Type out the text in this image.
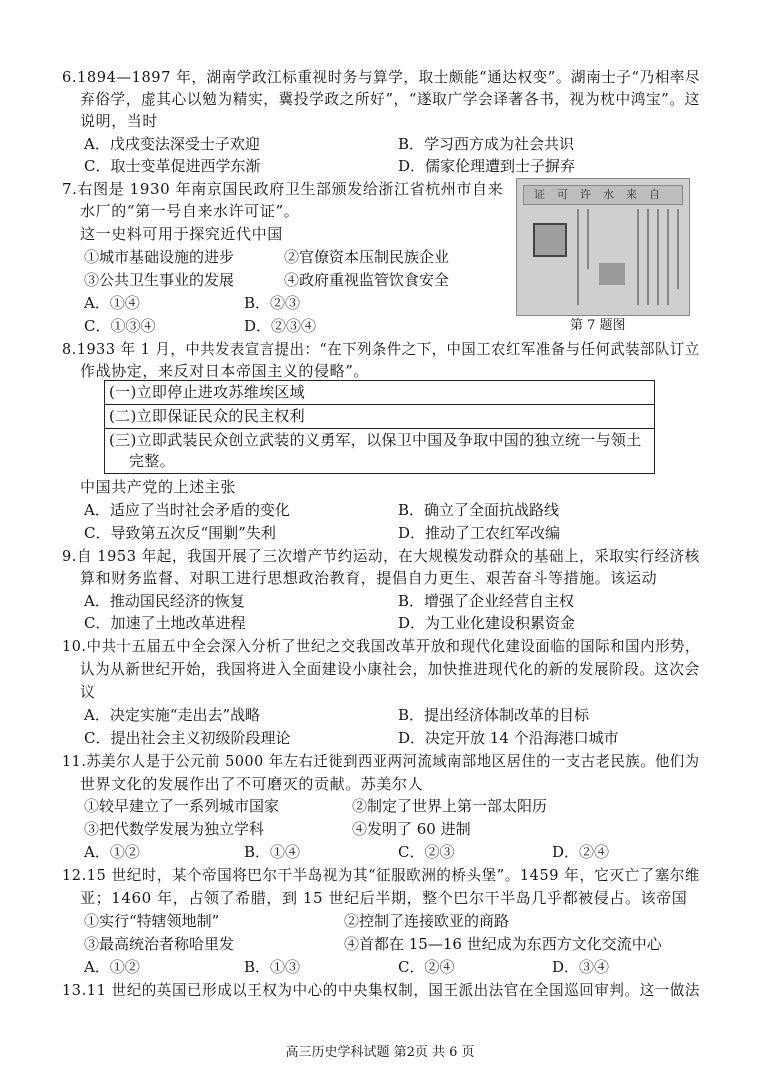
6.1894—1897 年，湖南学政江标重视时务与算学，取士颇能“通达权变”。湖南士子“乃相率尽
弃俗学，虚其心以勉为精实，冀投学政之所好”，“遂取广学会译著各书，视为枕中鸿宝”。这
说明，当时
A．戊戌变法深受士子欢迎	B．学习西方成为社会共识
C．取士变革促进西学东渐	D．儒家伦理遭到士子摒弃
7.右图是 1930 年南京国民政府卫生部颁发给浙江省杭州市自来
水厂的“第一号自来水许可证”。
这一史料可用于探究近代中国
①城市基础设施的进步	②官僚资本压制民族企业
③公共卫生事业的发展	④政府重视监管饮食安全
A．①④	B．②③
C．①③④	D．②③④
证可许水来自
第 7 题图
8.1933 年 1 月，中共发表宣言提出：“在下列条件之下，中国工农红军准备与任何武装部队订立
作战协定，来反对日本帝国主义的侵略”。
(一)立即停止进攻苏维埃区域
(二)立即保证民众的民主权利

(三)立即武装民众创立武装的义勇军，以保卫中国及争取中国的独立统一与领土
完整。
中国共产党的上述主张
A．适应了当时社会矛盾的变化	B．确立了全面抗战路线
C．导致第五次反“围剿”失利	D．推动了工农红军改编
9.自 1953 年起，我国开展了三次增产节约运动，在大规模发动群众的基础上，采取实行经济核
算和财务监督、对职工进行思想政治教育，提倡自力更生、艰苦奋斗等措施。该运动
A．推动国民经济的恢复	B．增强了企业经营自主权
C．加速了土地改革进程	D．为工业化建设积累资金
10.中共十五届五中全会深入分析了世纪之交我国改革开放和现代化建设面临的国际和国内形势，
认为从新世纪开始，我国将进入全面建设小康社会，加快推进现代化的新的发展阶段。这次会
议
A．决定实施“走出去”战略	B．提出经济体制改革的目标
C．提出社会主义初级阶段理论	D．决定开放 14 个沿海港口城市
11.苏美尔人是于公元前 5000 年左右迁徙到西亚两河流域南部地区居住的一支古老民族。他们为
世界文化的发展作出了不可磨灭的贡献。苏美尔人
①较早建立了一系列城市国家	②制定了世界上第一部太阳历
③把代数学发展为独立学科	④发明了 60 进制
A．①②	B．①④	C．②③	D．②④
12.15 世纪时，某个帝国将巴尔干半岛视为其“征服欧洲的桥头堡”。1459 年，它灭亡了塞尔维
亚；1460 年，占领了希腊，到 15 世纪后半期，整个巴尔干半岛几乎都被侵占。该帝国
①实行“特辖领地制”	②控制了连接欧亚的商路
③最高统治者称哈里发	④首都在 15—16 世纪成为东西方文化交流中心
A．①②	B．①③	C．②④	D．③④
13.11 世纪的英国已形成以王权为中心的中央集权制，国王派出法官在全国巡回审判。这一做法
高三历史学科试题 第2页 共 6 页
